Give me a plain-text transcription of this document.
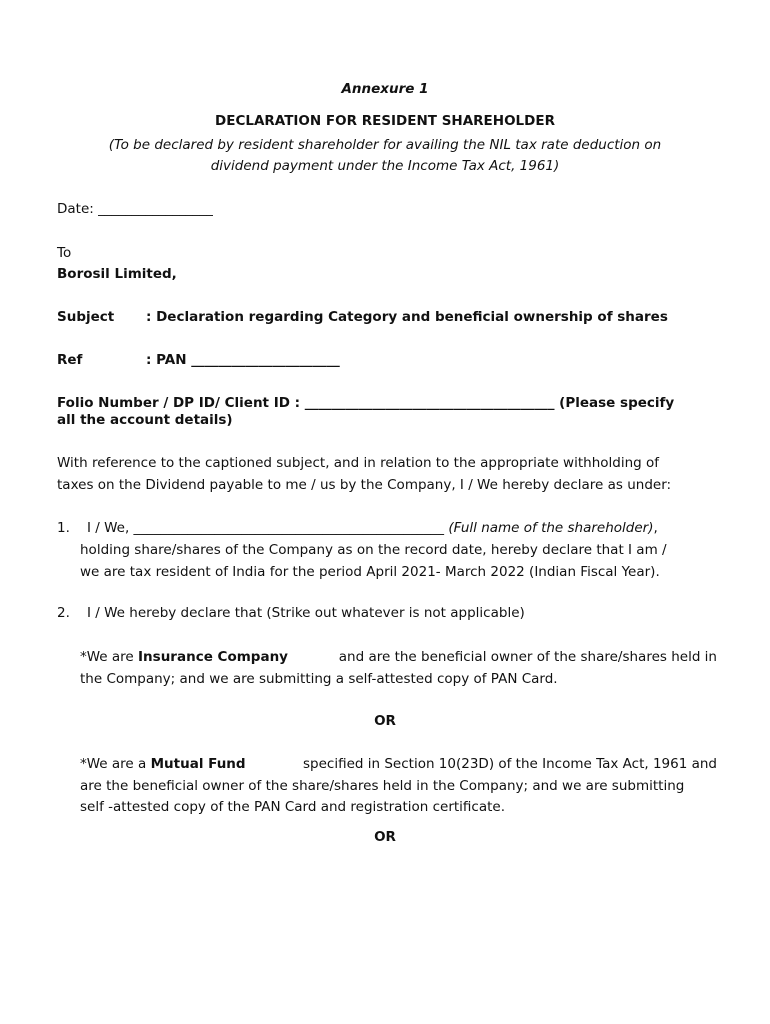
Annexure 1
DECLARATION FOR RESIDENT SHAREHOLDER
(To be declared by resident shareholder for availing the NIL tax rate deduction on
dividend payment under the Income Tax Act, 1961)
Date: _________________
To
Borosil Limited,
Subject : Declaration regarding Category and beneficial ownership of shares
Ref	: PAN ______________________
Folio Number / DP ID/ Client ID : _____________________________________ (Please specify
all the account details)
With reference to the captioned subject, and in relation to the appropriate withholding of
taxes on the Dividend payable to me / us by the Company, I / We hereby declare as under:
1. I / We, ______________________________________________ (Full name of the shareholder),
holding share/shares of the Company as on the record date, hereby declare that I am /
we are tax resident of India for the period April 2021- March 2022 (Indian Fiscal Year).
2. I / We hereby declare that (Strike out whatever is not applicable)
*We are Insurance Company	and are the beneficial owner of the share/shares held in
the Company; and we are submitting a self-attested copy of PAN Card.
OR
*We are a Mutual Fund	specified in Section 10(23D) of the Income Tax Act, 1961 and
are the beneficial owner of the share/shares held in the Company; and we are submitting
self -attested copy of the PAN Card and registration certificate.
OR
